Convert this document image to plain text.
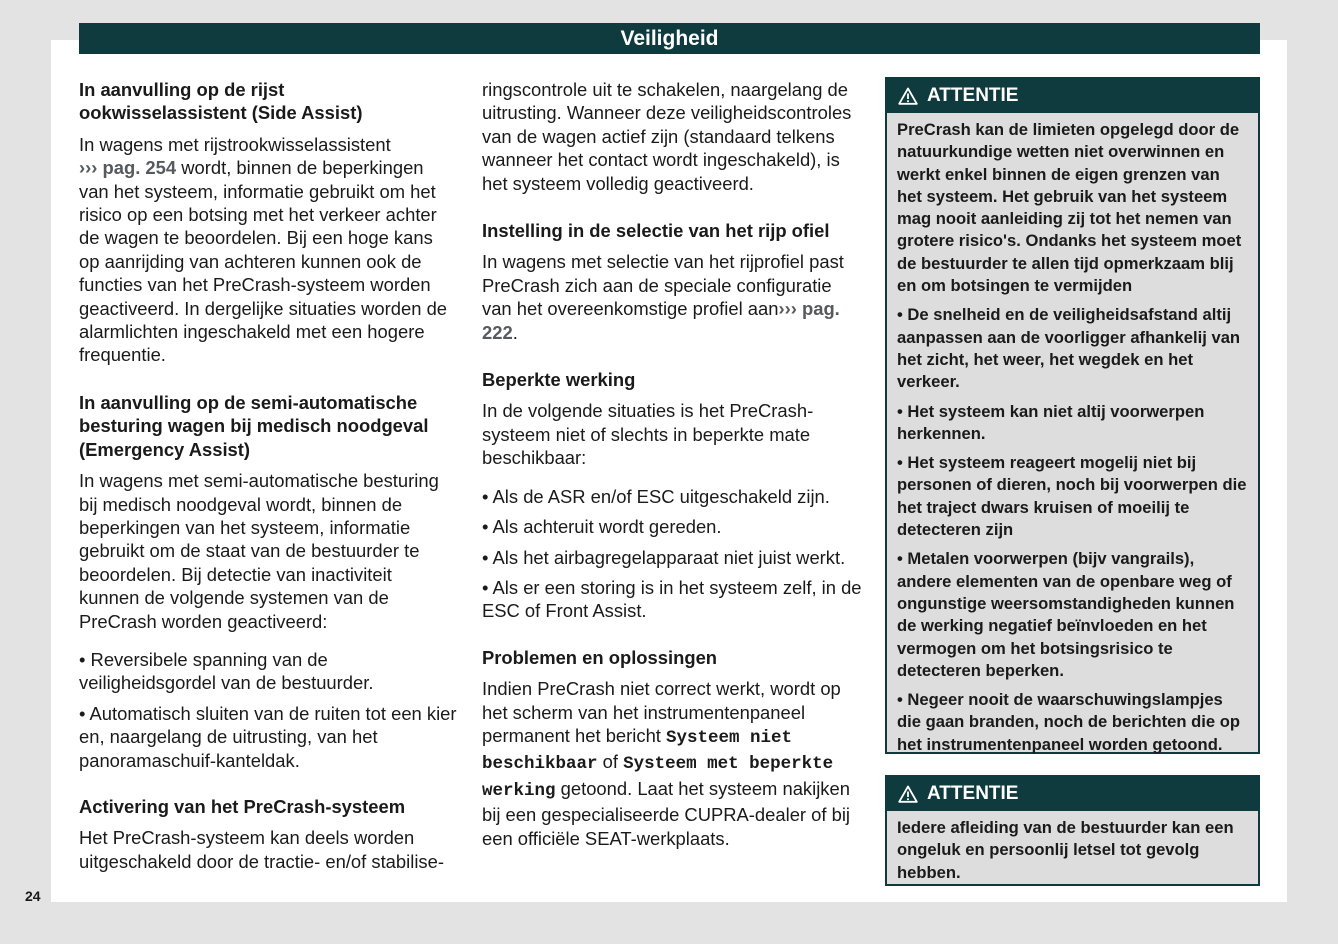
Veiligheid
In aanvulling op de rijst ookwisselassistent (Side Assist)

In wagens met rijstrookwisselassistent
››› pag. 254 wordt, binnen de beperkingen van het systeem, informatie gebruikt om het risico op een botsing met het verkeer achter de wagen te beoordelen. Bij een hoge kans op aanrijding van achteren kunnen ook de functies van het PreCrash-systeem worden geactiveerd. In dergelijke situaties worden de alarmlichten ingeschakeld met een hogere frequentie.

In aanvulling op de semi-automatische besturing wagen bij medisch noodgeval (Emergency Assist)

In wagens met semi-automatische besturing bij medisch noodgeval wordt, binnen de beperkingen van het systeem, informatie gebruikt om de staat van de bestuurder te beoordelen. Bij detectie van inactiviteit kunnen de volgende systemen van de PreCrash worden geactiveerd:

• Reversibele spanning van de veiligheidsgordel van de bestuurder.
• Automatisch sluiten van de ruiten tot een kier en, naargelang de uitrusting, van het panoramaschuif-kanteldak.
Activering van het PreCrash-systeem

Het PreCrash-systeem kan deels worden uitgeschakeld door de tractie- en/of stabilise-

ringscontrole uit te schakelen, naargelang de uitrusting. Wanneer deze veiligheidscontroles van de wagen actief zijn (standaard telkens wanneer het contact wordt ingeschakeld), is het systeem volledig geactiveerd.

Instelling in de selectie van het rijp ofiel

In wagens met selectie van het rijprofiel past PreCrash zich aan de speciale configuratie van het overeenkomstige profiel aan››› pag. 222.

Beperkte werking

In de volgende situaties is het PreCrash-systeem niet of slechts in beperkte mate beschikbaar:

• Als de ASR en/of ESC uitgeschakeld zijn.
• Als achteruit wordt gereden.
• Als het airbagregelapparaat niet juist werkt.
• Als er een storing is in het systeem zelf, in de ESC of Front Assist.
Problemen en oplossingen

Indien PreCrash niet correct werkt, wordt op het scherm van het instrumentenpaneel permanent het bericht Systeem niet beschikbaar of Systeem met beperkte werking getoond. Laat het systeem nakijken bij een gespecialiseerde CUPRA-dealer of bij een officiële SEAT-werkplaats.

ATTENTIE
PreCrash kan de limieten opgelegd door de natuurkundige wetten niet overwinnen en werkt enkel binnen de eigen grenzen van het systeem. Het gebruik van het systeem mag nooit aanleiding zij tot het nemen van grotere risico's. Ondanks het systeem moet de bestuurder te allen tijd opmerkzaam blij en om botsingen te vermijden
• De snelheid en de veiligheidsafstand altij aanpassen aan de voorligger afhankelij van het zicht, het weer, het wegdek en het verkeer.
• Het systeem kan niet altij voorwerpen herkennen.
• Het systeem reageert mogelij niet bij personen of dieren, noch bij voorwerpen die het traject dwars kruisen of moeilij te detecteren zijn
• Metalen voorwerpen (bijv vangrails), andere elementen van de openbare weg of ongunstige weersomstandigheden kunnen de werking negatief beïnvloeden en het vermogen om het botsingsrisico te detecteren beperken.
• Negeer nooit de waarschuwingslampjes die gaan branden, noch de berichten die op het instrumentenpaneel worden getoond.
ATTENTIE
Iedere afleiding van de bestuurder kan een ongeluk en persoonlij letsel tot gevolg hebben.
24
